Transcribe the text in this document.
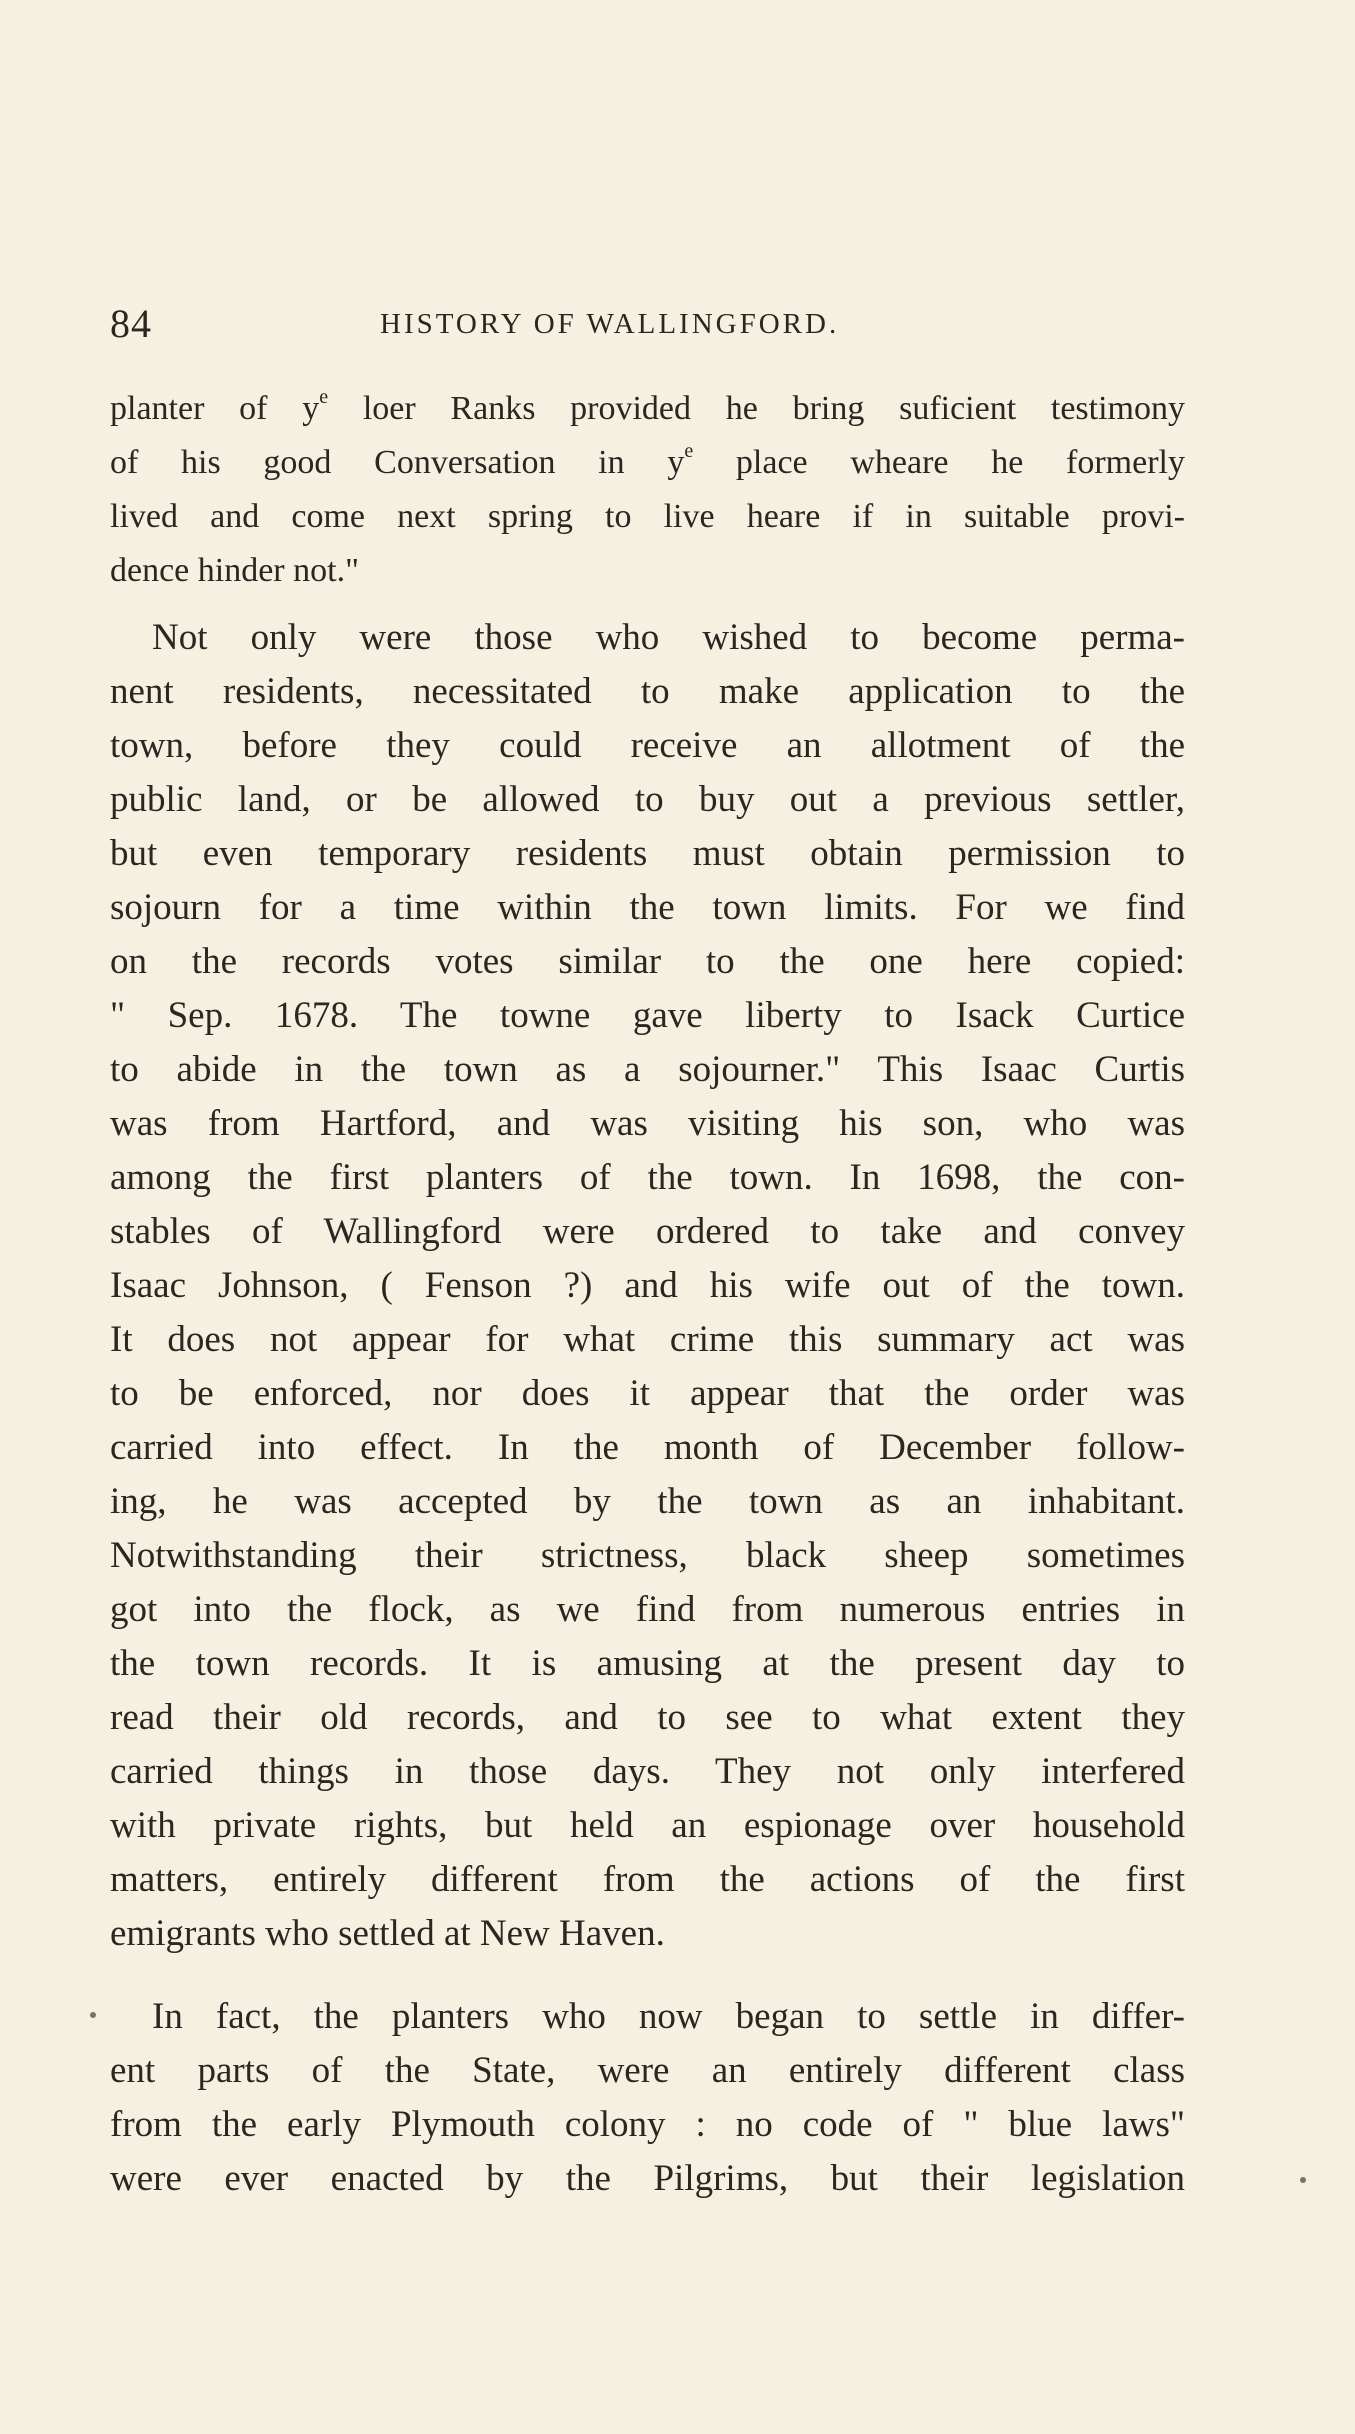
84	HISTORY OF WALLINGFORD.
planter of $y^e$ loer Ranks provided he bring suficient testimony
of his good Conversation in $y^e$ place wheare he formerly
lived and come next spring to live heare if in suitable provi-
dence hinder not."
Not only were those who wished to become perma-
nent residents, necessitated to make application to the
town, before they could receive an allotment of the
public land, or be allowed to buy out a previous settler,
but even temporary residents must obtain permission to
sojourn for a time within the town limits. For we find
on the records votes similar to the one here copied:
" Sep. 1678. The towne gave liberty to Isack Curtice
to abide in the town as a sojourner." This Isaac Curtis
was from Hartford, and was visiting his son, who was
among the first planters of the town. In 1698, the con-
stables of Wallingford were ordered to take and convey
Isaac Johnson, ( Fenson ?) and his wife out of the town.
It does not appear for what crime this summary act was
to be enforced, nor does it appear that the order was
carried into effect. In the month of December follow-
ing, he was accepted by the town as an inhabitant.
Notwithstanding their strictness, black sheep sometimes
got into the flock, as we find from numerous entries in
the town records. It is amusing at the present day to
read their old records, and to see to what extent they
carried things in those days. They not only interfered
with private rights, but held an espionage over household
matters, entirely different from the actions of the first
emigrants who settled at New Haven.
In fact, the planters who now began to settle in differ-
ent parts of the State, were an entirely different class
from the early Plymouth colony : no code of " blue laws"
were ever enacted by the Pilgrims, but their legislation
